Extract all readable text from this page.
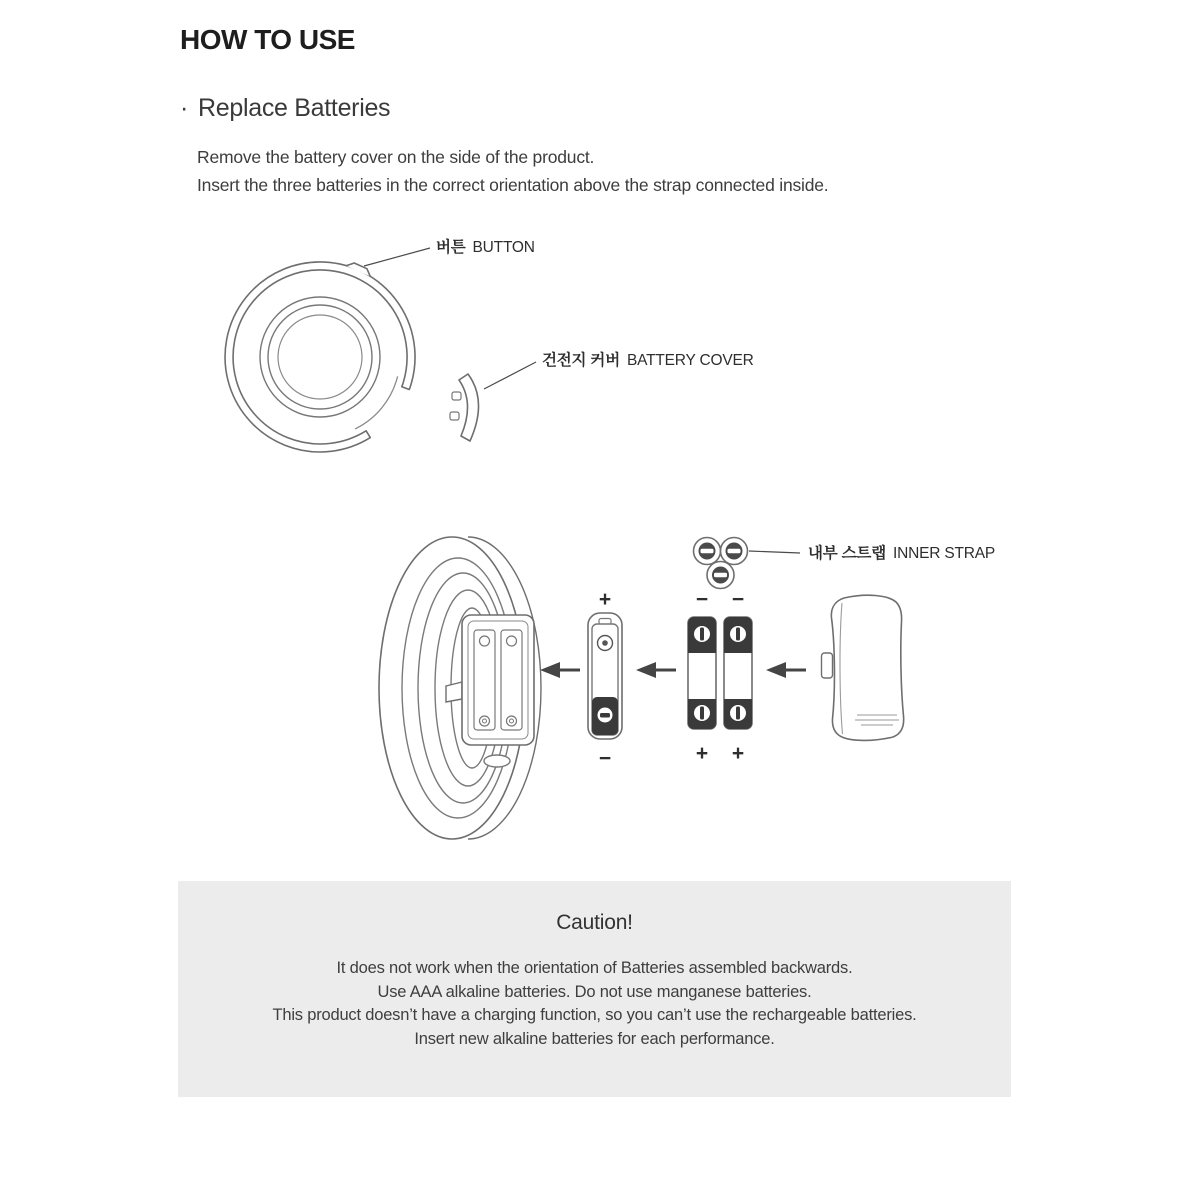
HOW TO USE
· Replace Batteries
Remove the battery cover on the side of the product.
Insert the three batteries in the correct orientation above the strap connected inside.
+
−
−
+
−
+
버튼 BUTTON
건전지 커버 BATTERY COVER
내부 스트랩 INNER STRAP
Caution!
It does not work when the orientation of Batteries assembled backwards.
Use AAA alkaline batteries. Do not use manganese batteries.
This product doesn’t have a charging function, so you can’t use the rechargeable batteries.
Insert new alkaline batteries for each performance.
